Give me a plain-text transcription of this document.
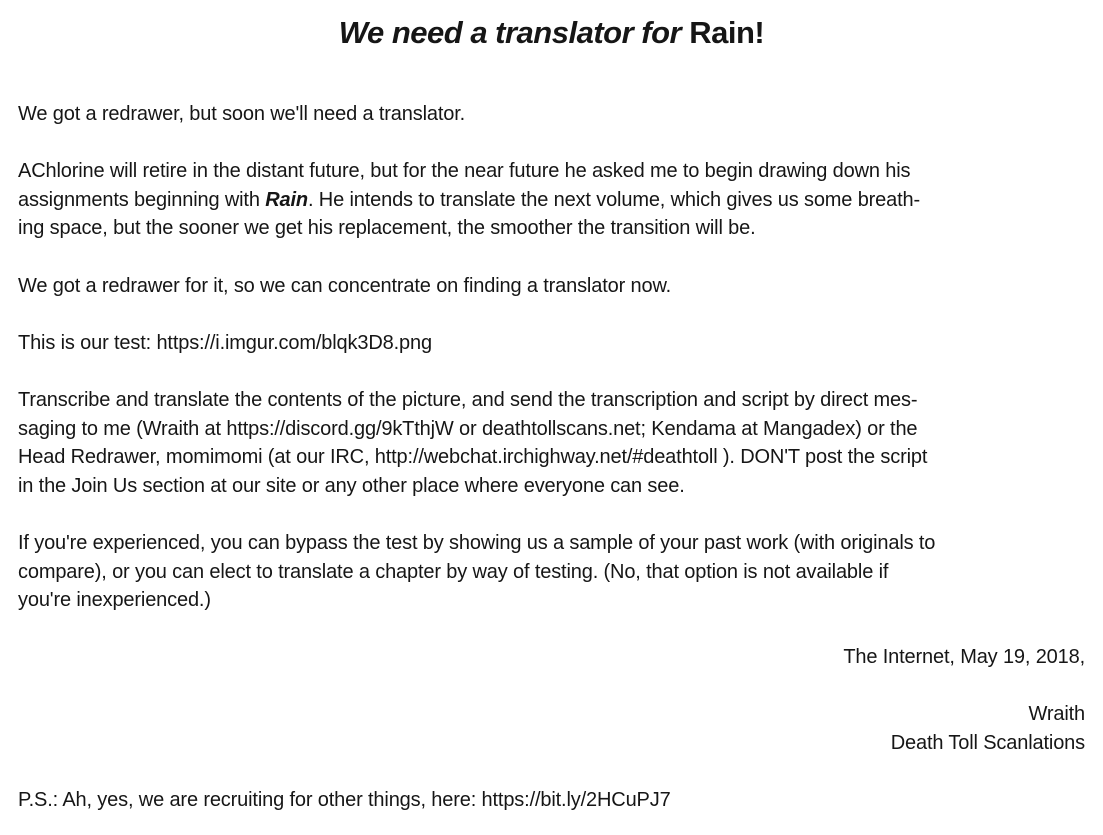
We need a translator for Rain!
We got a redrawer, but soon we'll need a translator.
AChlorine will retire in the distant future, but for the near future he asked me to begin drawing down his
assignments beginning with Rain. He intends to translate the next volume, which gives us some breath-
ing space, but the sooner we get his replacement, the smoother the transition will be.
We got a redrawer for it, so we can concentrate on finding a translator now.
This is our test: https://i.imgur.com/blqk3D8.png
Transcribe and translate the contents of the picture, and send the transcription and script by direct mes-
saging to me (Wraith at https://discord.gg/9kTthjW or deathtollscans.net; Kendama at Mangadex) or the
Head Redrawer, momimomi (at our IRC, http://webchat.irchighway.net/#deathtoll ). DON'T post the script
in the Join Us section at our site or any other place where everyone can see.
If you're experienced, you can bypass the test by showing us a sample of your past work (with originals to
compare), or you can elect to translate a chapter by way of testing. (No, that option is not available if
you're inexperienced.)
The Internet, May 19, 2018,
Wraith
Death Toll Scanlations
P.S.: Ah, yes, we are recruiting for other things, here: https://bit.ly/2HCuPJ7
